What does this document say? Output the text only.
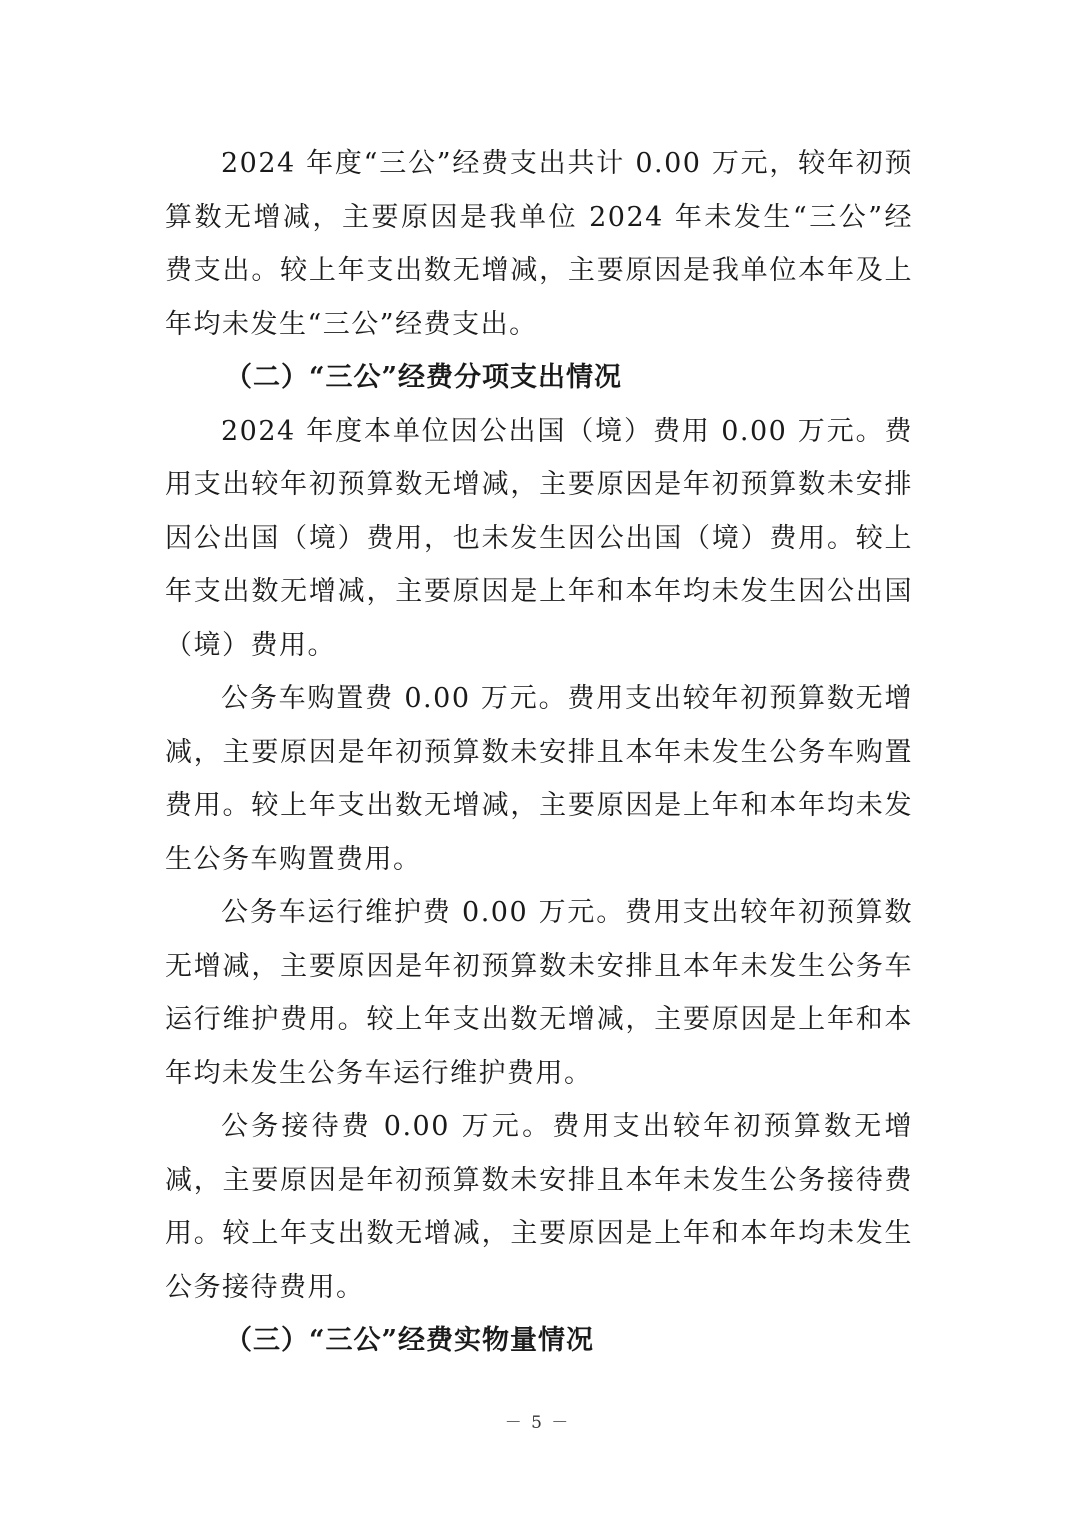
2024 年度“三公”经费支出共计 0.00 万元，较年初预算数无增减，主要原因是我单位 2024 年未发生“三公”经费支出。较上年支出数无增减，主要原因是我单位本年及上年均未发生“三公”经费支出。

（二）“三公”经费分项支出情况

2024 年度本单位因公出国（境）费用 0.00 万元。费用支出较年初预算数无增减，主要原因是年初预算数未安排因公出国（境）费用，也未发生因公出国（境）费用。较上年支出数无增减，主要原因是上年和本年均未发生因公出国（境）费用。

公务车购置费 0.00 万元。费用支出较年初预算数无增减，主要原因是年初预算数未安排且本年未发生公务车购置费用。较上年支出数无增减，主要原因是上年和本年均未发生公务车购置费用。

公务车运行维护费 0.00 万元。费用支出较年初预算数无增减，主要原因是年初预算数未安排且本年未发生公务车运行维护费用。较上年支出数无增减，主要原因是上年和本年均未发生公务车运行维护费用。

公务接待费 0.00 万元。费用支出较年初预算数无增减，主要原因是年初预算数未安排且本年未发生公务接待费用。较上年支出数无增减，主要原因是上年和本年均未发生公务接待费用。

（三）“三公”经费实物量情况

－ 5 －
